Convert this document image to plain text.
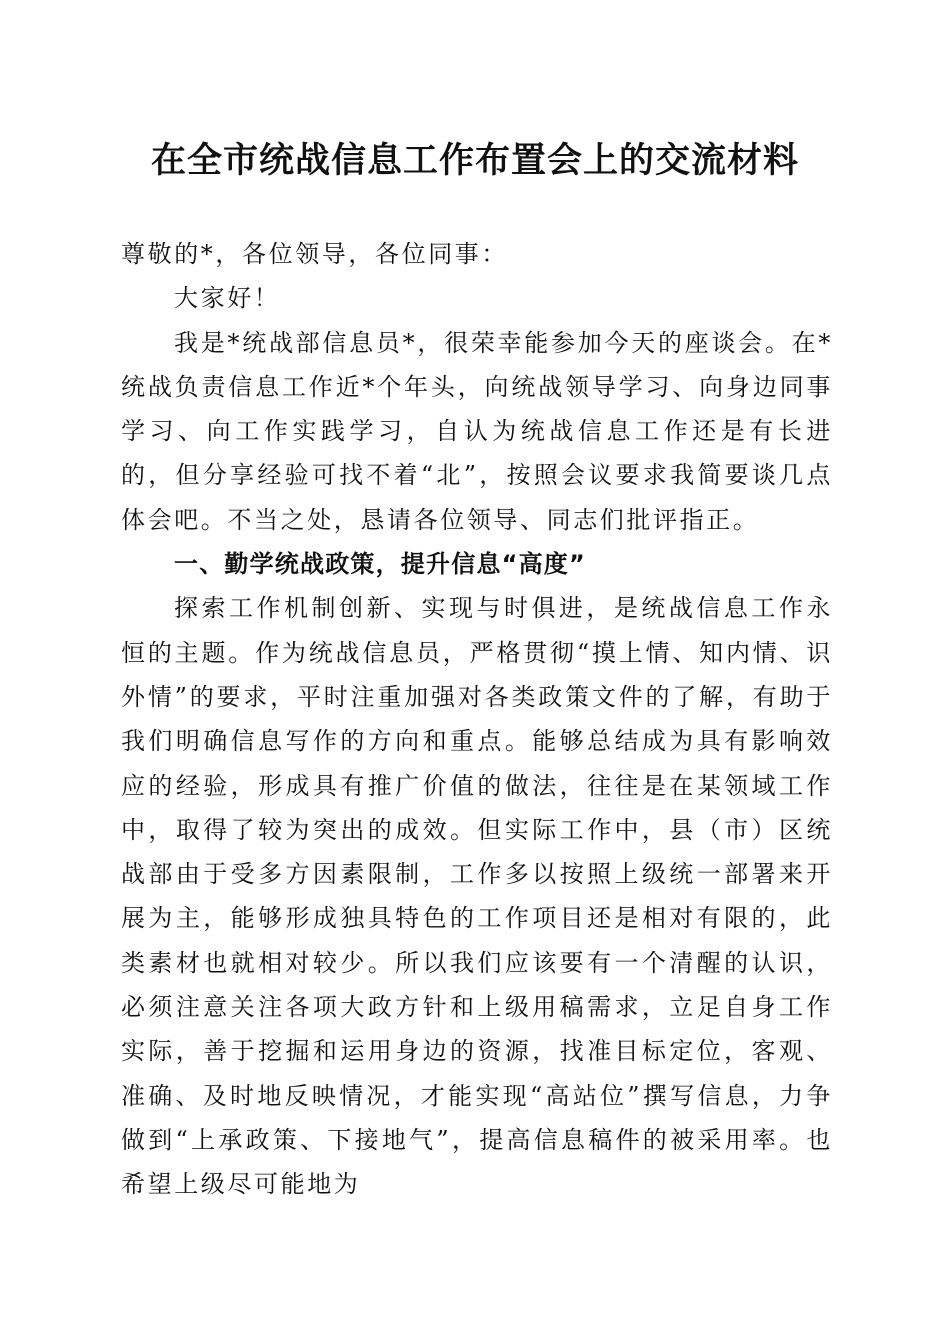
在全市统战信息工作布置会上的交流材料

尊敬的*，各位领导，各位同事：

大家好！

我是*统战部信息员*，很荣幸能参加今天的座谈会。在*统战负责信息工作近*个年头，向统战领导学习、向身边同事学习、向工作实践学习，自认为统战信息工作还是有长进的，但分享经验可找不着“北”，按照会议要求我简要谈几点体会吧。不当之处，恳请各位领导、同志们批评指正。

一、勤学统战政策，提升信息“高度”

探索工作机制创新、实现与时俱进，是统战信息工作永恒的主题。作为统战信息员，严格贯彻“摸上情、知内情、识外情”的要求，平时注重加强对各类政策文件的了解，有助于我们明确信息写作的方向和重点。能够总结成为具有影响效应的经验，形成具有推广价值的做法，往往是在某领域工作中，取得了较为突出的成效。但实际工作中，县（市）区统战部由于受多方因素限制，工作多以按照上级统一部署来开展为主，能够形成独具特色的工作项目还是相对有限的，此类素材也就相对较少。所以我们应该要有一个清醒的认识，必须注意关注各项大政方针和上级用稿需求，立足自身工作实际，善于挖掘和运用身边的资源，找准目标定位，客观、准确、及时地反映情况，才能实现“高站位”撰写信息，力争做到“上承政策、下接地气”，提高信息稿件的被采用率。也希望上级尽可能地为
